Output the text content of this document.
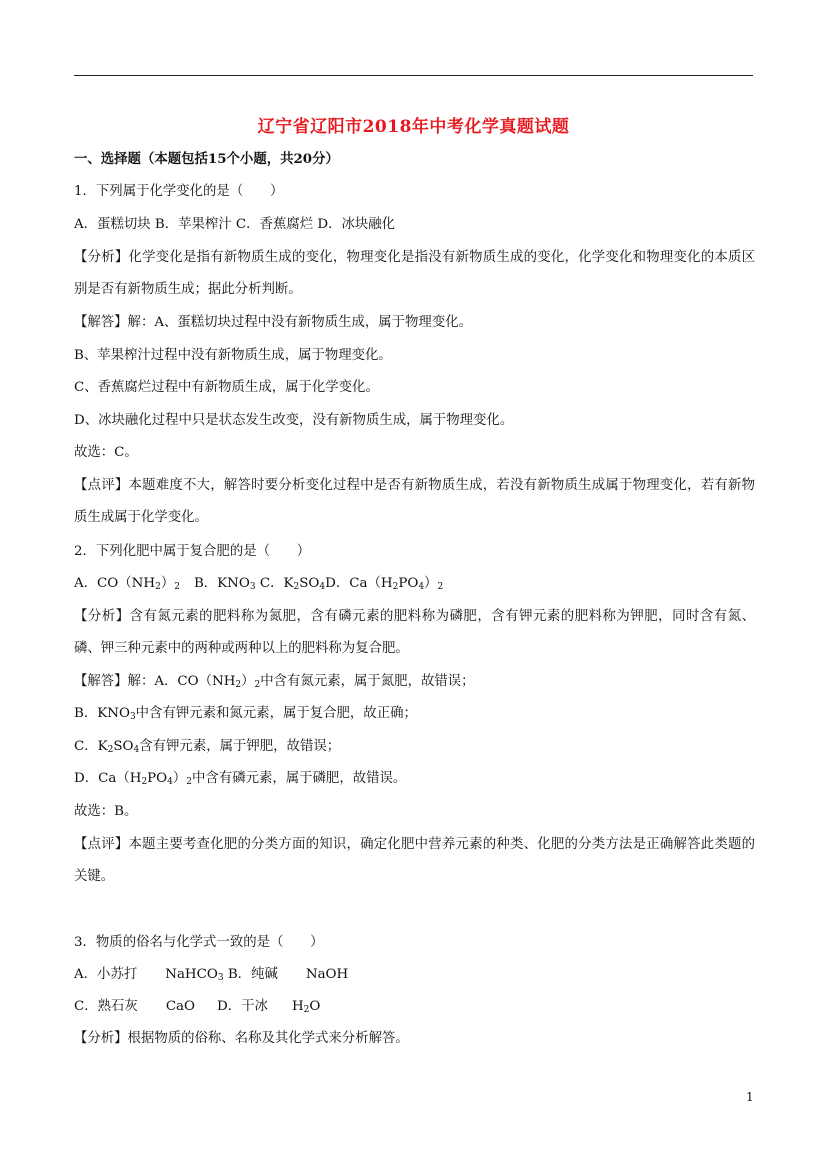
辽宁省辽阳市2018年中考化学真题试题
一、选择题（本题包括15个小题，共20分）
1．下列属于化学变化的是（　　）
A．蛋糕切块 B．苹果榨汁 C．香蕉腐烂 D．冰块融化
【分析】化学变化是指有新物质生成的变化，物理变化是指没有新物质生成的变化，化学变化和物理变化的本质区别是否有新物质生成；据此分析判断。
【解答】解：A、蛋糕切块过程中没有新物质生成，属于物理变化。
B、苹果榨汁过程中没有新物质生成，属于物理变化。
C、香蕉腐烂过程中有新物质生成，属于化学变化。
D、冰块融化过程中只是状态发生改变，没有新物质生成，属于物理变化。
故选：C。
【点评】本题难度不大，解答时要分析变化过程中是否有新物质生成，若没有新物质生成属于物理变化，若有新物质生成属于化学变化。
2．下列化肥中属于复合肥的是（　　）
A．$CO(NH_2)_2$ B．$KNO_3$ C．$K_2SO_4D$．$Ca(H_2PO_4)_2$
【分析】含有氮元素的肥料称为氮肥，含有磷元素的肥料称为磷肥，含有钾元素的肥料称为钾肥，同时含有氮、磷、钾三种元素中的两种或两种以上的肥料称为复合肥。
【解答】解：A．$CO(NH_2)_2$中含有氮元素，属于氮肥，故错误；
B．$KNO_3$中含有钾元素和氮元素，属于复合肥，故正确；
C．$K_2SO_4$含有钾元素，属于钾肥，故错误；
D．$Ca(H_2PO_4)_2$中含有磷元素，属于磷肥，故错误。
故选：B。
【点评】本题主要考查化肥的分类方面的知识，确定化肥中营养元素的种类、化肥的分类方法是正确解答此类题的关键。
3．物质的俗名与化学式一致的是（　　）
A．小苏打 NaHCO$_3$ B．纯碱 NaOH
C．熟石灰 CaO D．干冰 $H_2O$
【分析】根据物质的俗称、名称及其化学式来分析解答。
1
